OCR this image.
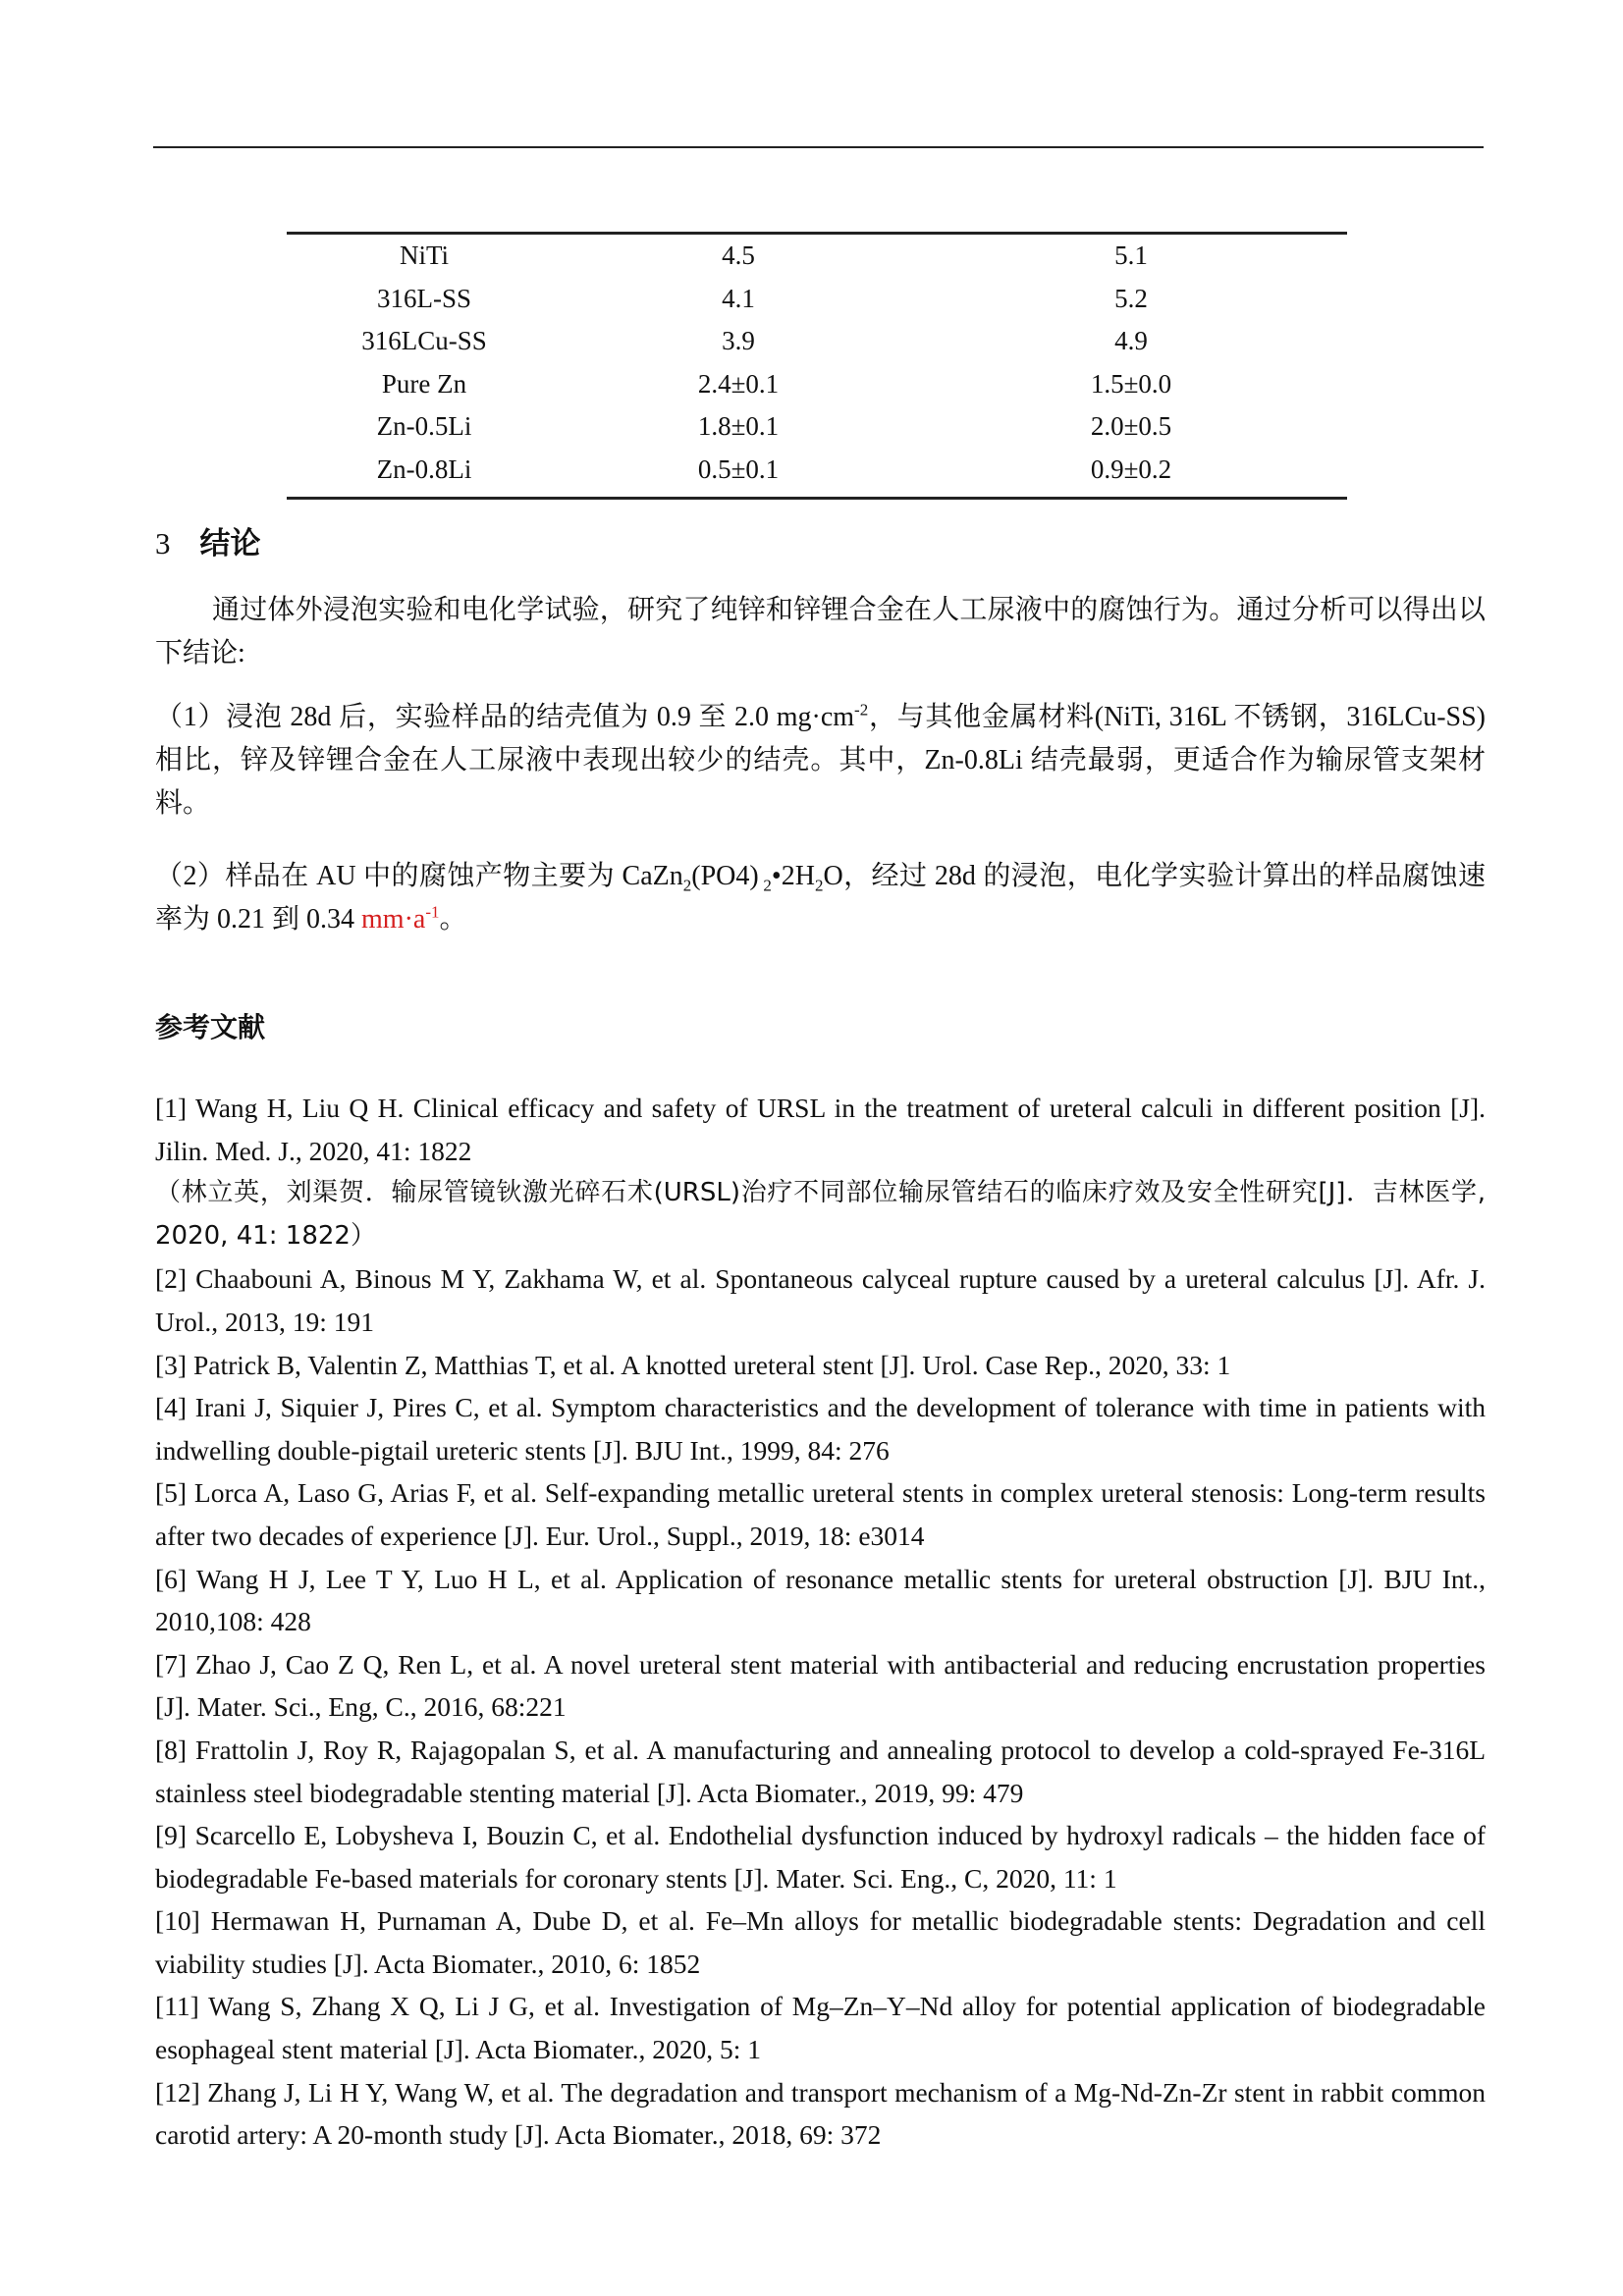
NiTi	4.5	5.1
316L-SS	4.1	5.2
316LCu-SS	3.9	4.9
Pure Zn	2.4±0.1	1.5±0.0
Zn-0.5Li	1.8±0.1	2.0±0.5
Zn-0.8Li	0.5±0.1	0.9±0.2
3 结论
通过体外浸泡实验和电化学试验，研究了纯锌和锌锂合金在人工尿液中的腐蚀行为。通过分析可以得出以下结论:
（1）浸泡 28d 后，实验样品的结壳值为 0.9 至 2.0 $mg\cdot cm^{-2}$，与其他金属材料(NiTi, 316L 不锈钢，316LCu-SS)相比，锌及锌锂合金在人工尿液中表现出较少的结壳。其中，Zn-0.8Li 结壳最弱，更适合作为输尿管支架材料。
（2）样品在 AU 中的腐蚀产物主要为 CaZn$_2$(PO4) $_2•2H_2O$，经过 28d 的浸泡，电化学实验计算出的样品腐蚀速率为 0.21 到 0.34 $mm\cdot a^{-1}$。
参考文献
[1] Wang H, Liu Q H. Clinical efficacy and safety of URSL in the treatment of ureteral calculi in different position [J]. Jilin. Med. J., 2020, 41: 1822
（林立英，刘渠贺．输尿管镜钬激光碎石术(URSL)治疗不同部位输尿管结石的临床疗效及安全性研究[J]．吉林医学, 2020, 41: 1822）
[2] Chaabouni A, Binous M Y, Zakhama W, et al. Spontaneous calyceal rupture caused by a ureteral calculus [J]. Afr. J. Urol., 2013, 19: 191
[3] Patrick B, Valentin Z, Matthias T, et al. A knotted ureteral stent [J]. Urol. Case Rep., 2020, 33: 1
[4] Irani J, Siquier J, Pires C, et al. Symptom characteristics and the development of tolerance with time in patients with indwelling double-pigtail ureteric stents [J]. BJU Int., 1999, 84: 276
[5] Lorca A, Laso G, Arias F, et al. Self-expanding metallic ureteral stents in complex ureteral stenosis: Long-term results after two decades of experience [J]. Eur. Urol., Suppl., 2019, 18: e3014
[6] Wang H J, Lee T Y, Luo H L, et al. Application of resonance metallic stents for ureteral obstruction [J]. BJU Int., 2010,108: 428
[7] Zhao J, Cao Z Q, Ren L, et al. A novel ureteral stent material with antibacterial and reducing encrustation properties [J]. Mater. Sci., Eng, C., 2016, 68:221
[8] Frattolin J, Roy R, Rajagopalan S, et al. A manufacturing and annealing protocol to develop a cold-sprayed Fe-316L stainless steel biodegradable stenting material [J]. Acta Biomater., 2019, 99: 479
[9] Scarcello E, Lobysheva I, Bouzin C, et al. Endothelial dysfunction induced by hydroxyl radicals – the hidden face of biodegradable Fe-based materials for coronary stents [J]. Mater. Sci. Eng., C, 2020, 11: 1
[10] Hermawan H, Purnaman A, Dube D, et al. Fe–Mn alloys for metallic biodegradable stents: Degradation and cell viability studies [J]. Acta Biomater., 2010, 6: 1852
[11] Wang S, Zhang X Q, Li J G, et al. Investigation of Mg–Zn–Y–Nd alloy for potential application of biodegradable esophageal stent material [J]. Acta Biomater., 2020, 5: 1
[12] Zhang J, Li H Y, Wang W, et al. The degradation and transport mechanism of a Mg-Nd-Zn-Zr stent in rabbit common carotid artery: A 20-month study [J]. Acta Biomater., 2018, 69: 372
